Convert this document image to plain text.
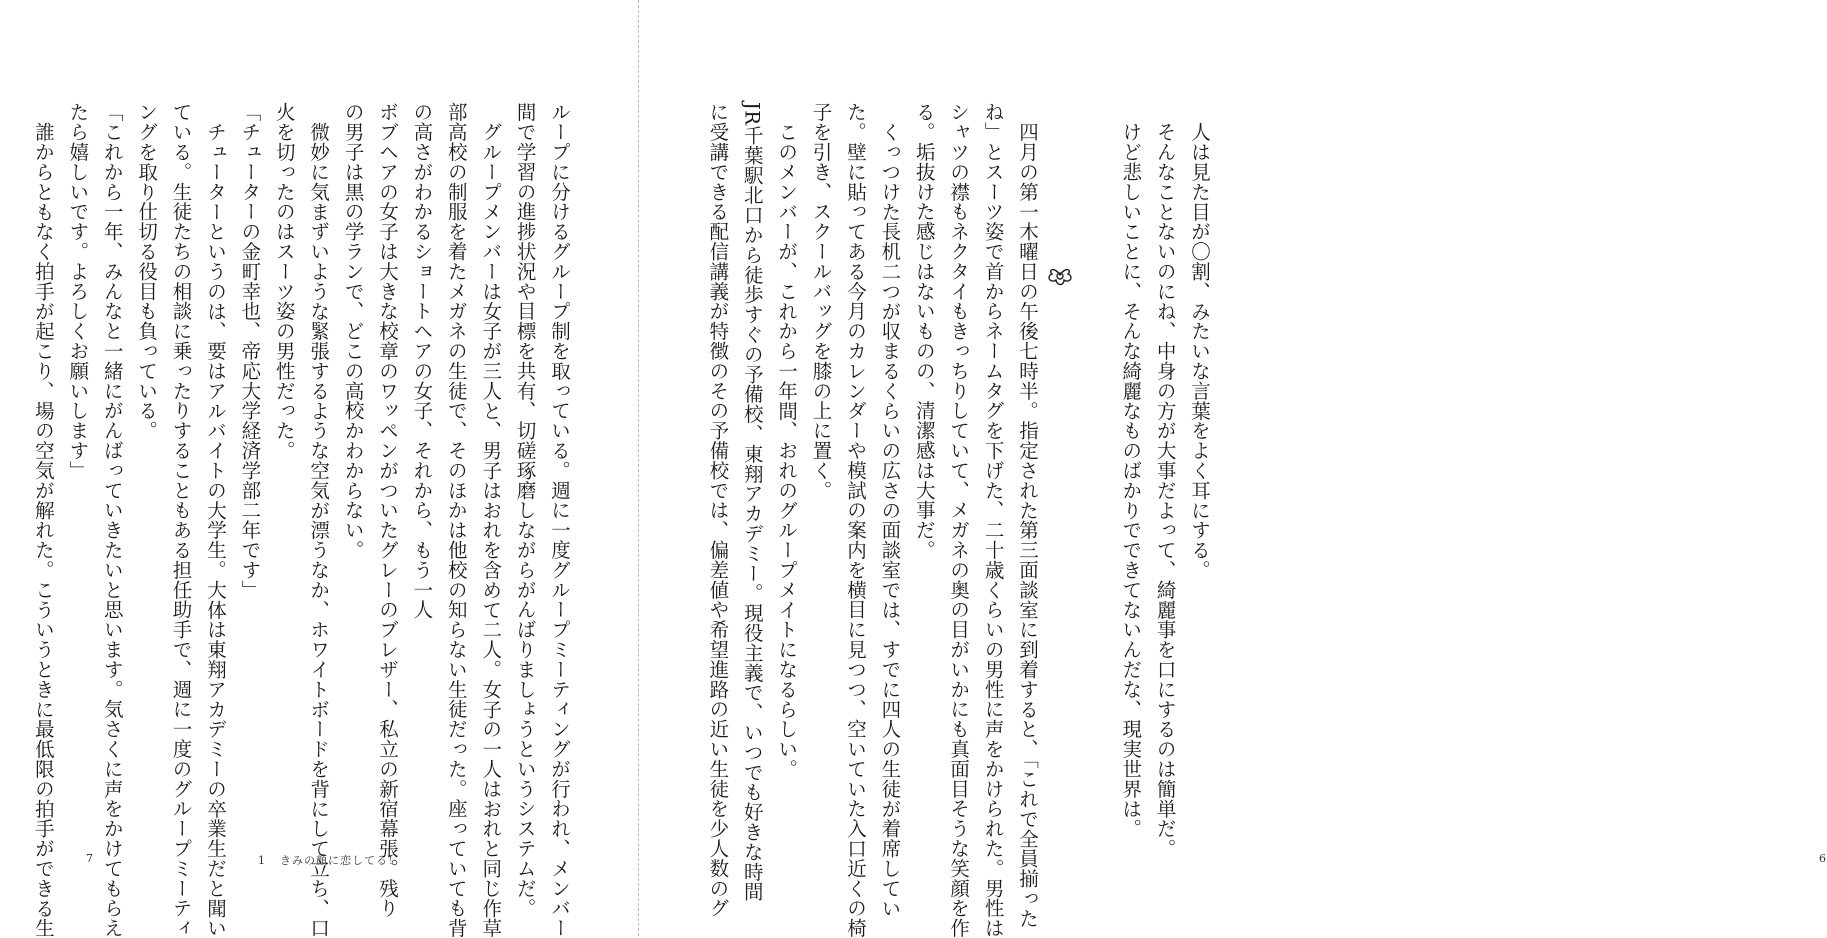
ループに分けるグループ制を取っている。週に一度グループミーティングが行われ、メンバー

間で学習の進捗状況や目標を共有、切磋琢磨しながらがんばりましょうというシステムだ。

グループメンバーは女子が三人と、男子はおれを含めて二人。女子の一人はおれと同じ作草

部高校の制服を着たメガネの生徒で、そのほかは他校の知らない生徒だった。座っていても背

の高さがわかるショートヘアの女子、それから、もう一人

ボブヘアの女子は大きな校章のワッペンがついたグレーのブレザー、私立の新宿幕張。残り

の男子は黒の学ランで、どこの高校かわからない。

微妙に気まずいような緊張するような空気が漂うなか、ホワイトボードを背にして立ち、口

火を切ったのはスーツ姿の男性だった。

「チューターの金町幸也、帝応大学経済学部二年です」

チューターというのは、要はアルバイトの大学生。大体は東翔アカデミーの卒業生だと聞い

ている。生徒たちの相談に乗ったりすることもある担任助手で、週に一度のグループミーティ

ングを取り仕切る役目も負っている。

「これから一年、みんなと一緒にがんばっていきたいと思います。気さくに声をかけてもらえ

たら嬉しいです。よろしくお願いします」

誰からともなく拍手が起こり、場の空気が解れた。こういうときに最低限の拍手ができる生	7	1 きみの顔に恋してる！

人は見た目が〇割、みたいな言葉をよく耳にする。

そんなことないのにね、中身の方が大事だよって、綺麗事を口にするのは簡単だ。

けど悲しいことに、そんな綺麗なものばかりでできてないんだな、現実世界は。

四月の第一木曜日の午後七時半。指定された第三面談室に到着すると、「これで全員揃った

ね」とスーツ姿で首からネームタグを下げた、二十歳くらいの男性に声をかけられた。男性は

シャツの襟もネクタイもきっちりしていて、メガネの奥の目がいかにも真面目そうな笑顔を作

る。垢抜けた感じはないものの、清潔感は大事だ。

くっつけた長机二つが収まるくらいの広さの面談室では、すでに四人の生徒が着席してい

た。壁に貼ってある今月のカレンダーや模試の案内を横目に見つつ、空いていた入口近くの椅

子を引き、スクールバッグを膝の上に置く。

このメンバーが、これから一年間、おれのグループメイトになるらしい。

JR千葉駅北口から徒歩すぐの予備校、東翔アカデミー。現役主義で、いつでも好きな時間

に受講できる配信講義が特徴のその予備校では、偏差値や希望進路の近い生徒を少人数のグ	6
